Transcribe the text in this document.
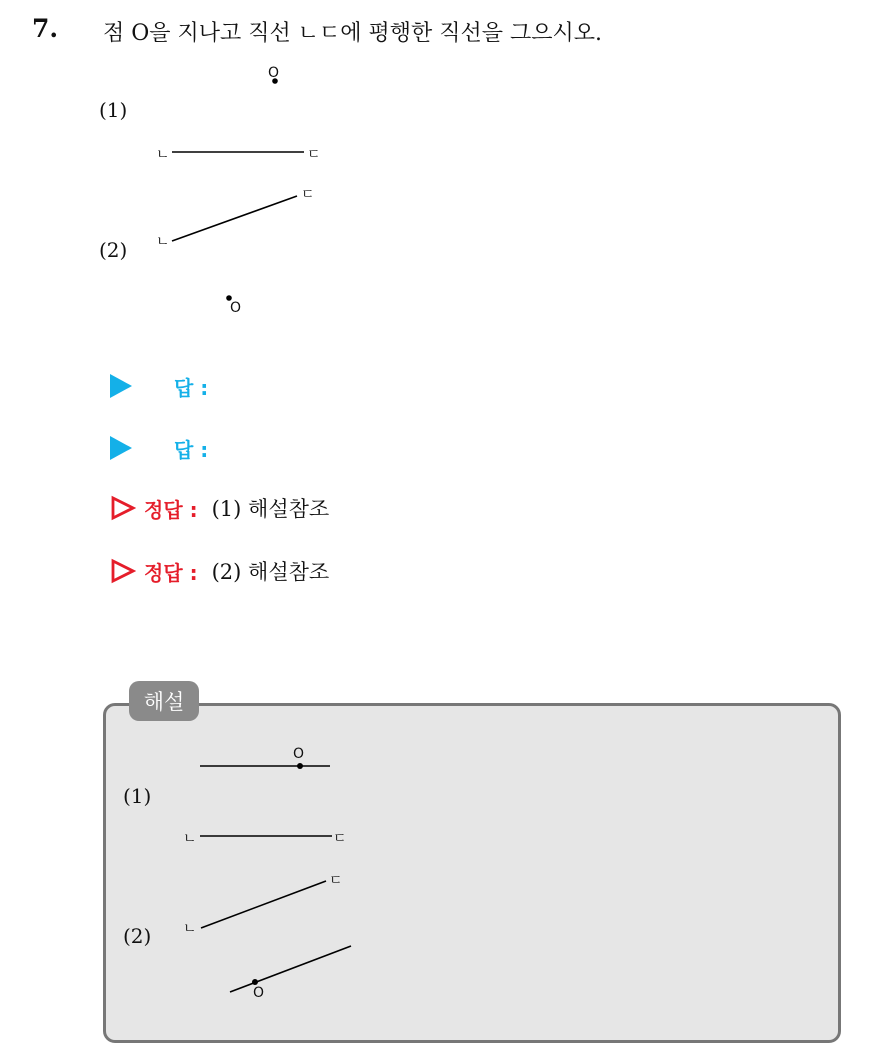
7. 점 O을 지나고 직선 ㄴㄷ에 평행한 직선을 그으시오.
(1)
O
ㄴ	ㄷ
(2) ㄴ
ㄷ
O
답 :
답 :
정답 : (1) 해설참조
정답 : (2) 해설참조
해설
O
(1)
ㄴ	ㄷ
ㄷ
(2) ㄴ
O
